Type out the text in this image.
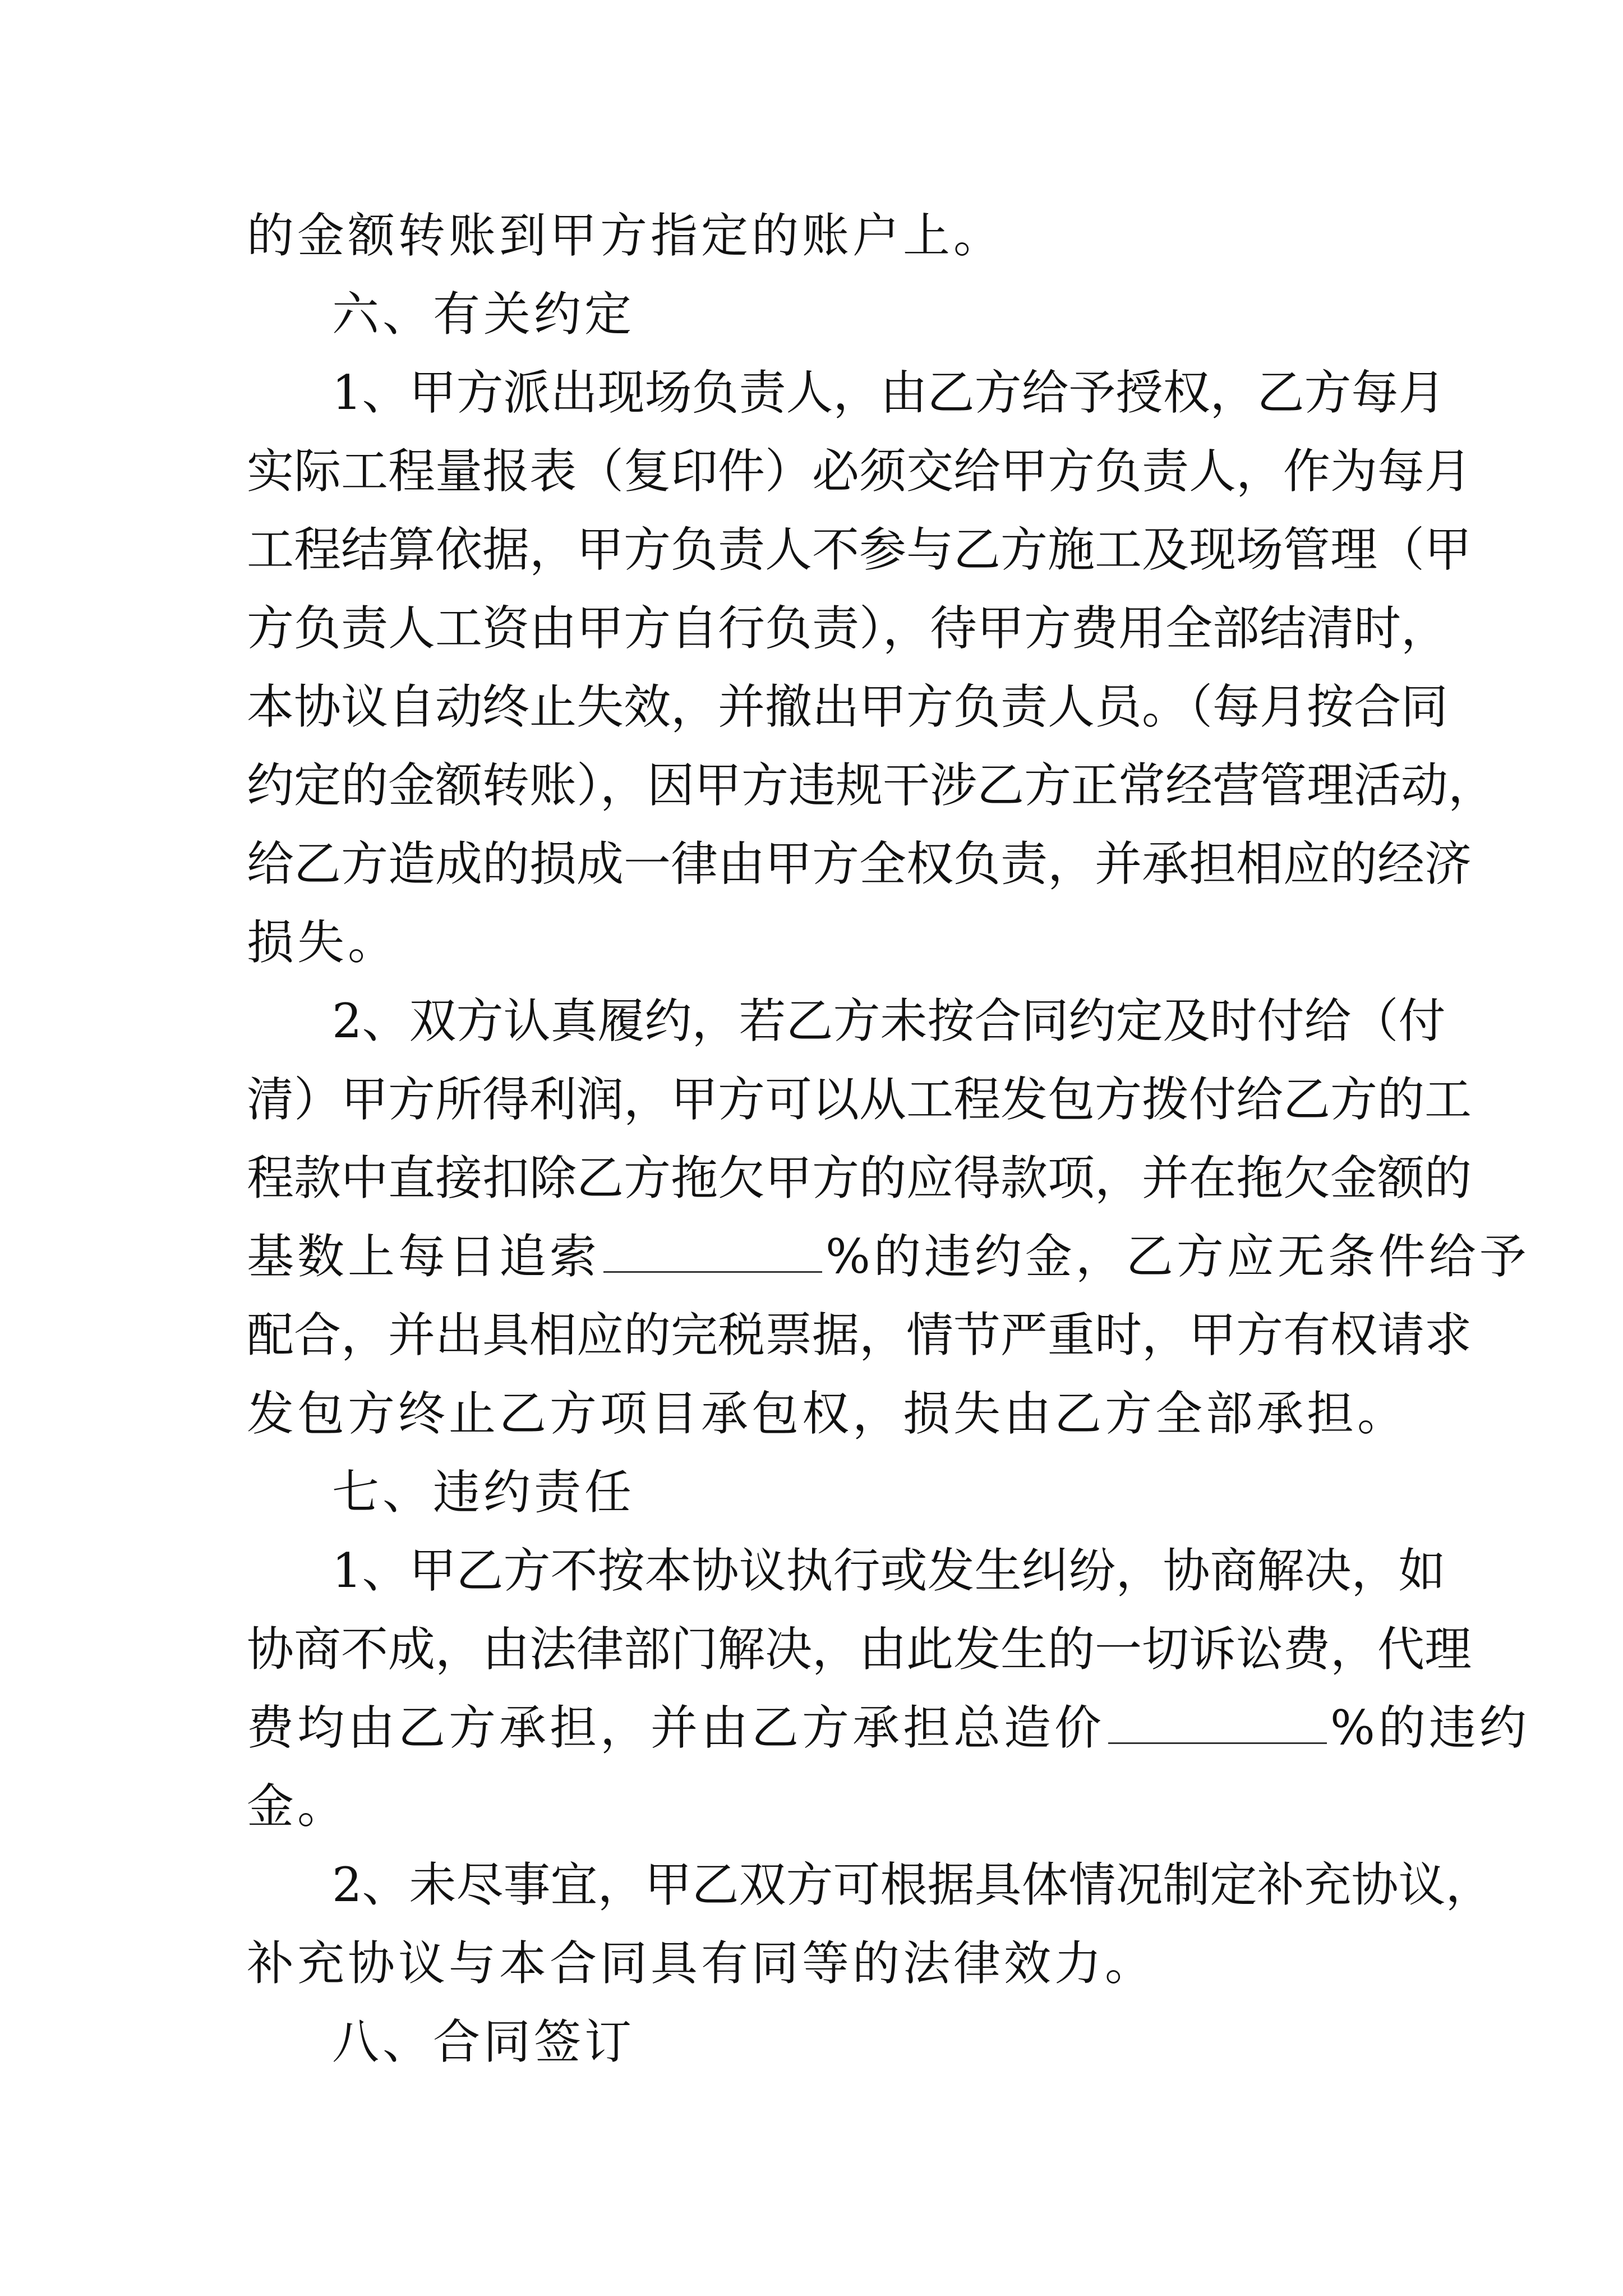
的金额转账到甲方指定的账户上。
六、有关约定
1、甲方派出现场负责人，由乙方给予授权，乙方每月
实际工程量报表（复印件）必须交给甲方负责人，作为每月
工程结算依据，甲方负责人不参与乙方施工及现场管理（甲
方负责人工资由甲方自行负责），待甲方费用全部结清时，
本协议自动终止失效，并撤出甲方负责人员。（每月按合同
约定的金额转账），因甲方违规干涉乙方正常经营管理活动，
给乙方造成的损成一律由甲方全权负责，并承担相应的经济
损失。
2、双方认真履约，若乙方未按合同约定及时付给（付
清）甲方所得利润，甲方可以从工程发包方拨付给乙方的工
程款中直接扣除乙方拖欠甲方的应得款项，并在拖欠金额的
基数上每日追索	%的违约金，乙方应无条件给予
配合，并出具相应的完税票据，情节严重时，甲方有权请求
发包方终止乙方项目承包权，损失由乙方全部承担。
七、违约责任
1、甲乙方不按本协议执行或发生纠纷，协商解决，如
协商不成，由法律部门解决，由此发生的一切诉讼费，代理
费均由乙方承担，并由乙方承担总造价	%的违约
金。
2、未尽事宜，甲乙双方可根据具体情况制定补充协议，
补充协议与本合同具有同等的法律效力。
八、合同签订
